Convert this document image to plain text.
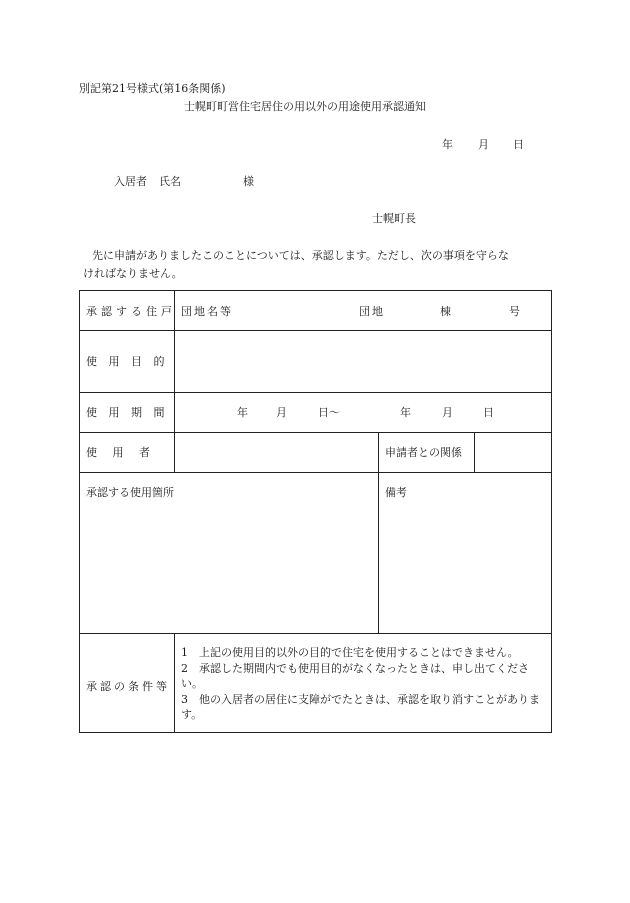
別記第21号様式(第16条関係)
士幌町町営住宅居住の用以外の用途使用承認通知
年 月 日
入居者 氏名	様
士幌町長
先に申請がありましたこのことについては、承認します。ただし、次の事項を守らな
ければなりません。
承認する住戸 団地名等	団地	棟	号
使 用 目 的
使 用 期 間	年	月	日～	年	月	日
使 用 者	申請者との関係
承認する使用箇所	備考
承認の条件等
1　上記の使用目的以外の目的で住宅を使用することはできません。
2　承認した期間内でも使用目的がなくなったときは、申し出てください。
3　他の入居者の居住に支障がでたときは、承認を取り消すことがあります。
